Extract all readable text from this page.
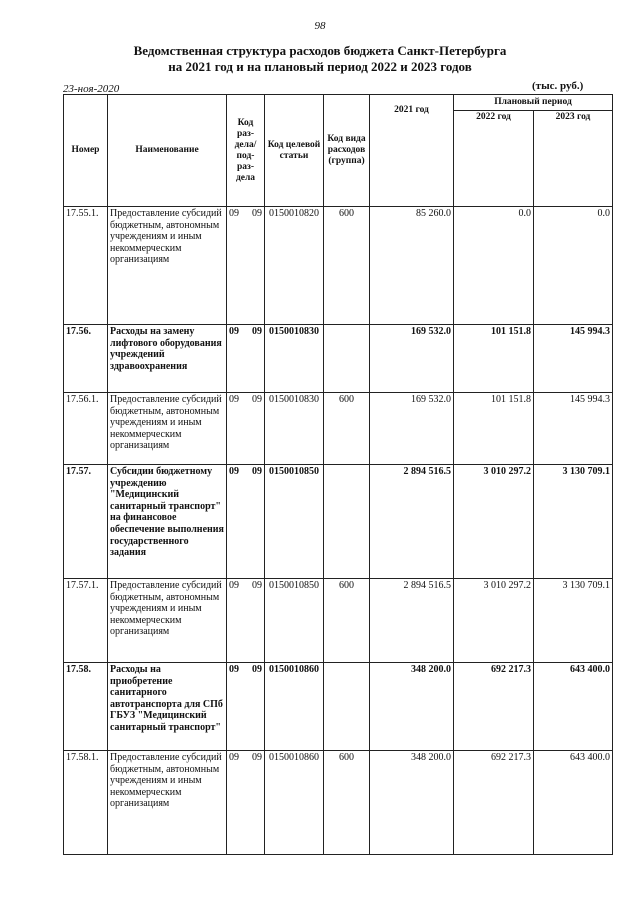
98
Ведомственная структура расходов бюджета Санкт-Петербурга
на 2021 год и на плановый период 2022 и 2023 годов
23-ноя-2020	(тыс. руб.)
Номер	Наименование	Код раз-дела/ под-раз-дела	Код целевой статьи	Код вида расходов (группа)	2021 год	Плановый период	
						2022 год	2023 год
17.55.1.	Предоставление субсидий бюджетным, автономным учреждениям и иным некоммерческим организациям	09 09	0150010820	600	85 260.0	0.0	0.0
17.56.	Расходы на замену лифтового оборудования учреждений здравоохранения	09 09	0150010830		169 532.0	101 151.8	145 994.3
17.56.1.	Предоставление субсидий бюджетным, автономным учреждениям и иным некоммерческим организациям	09 09	0150010830	600	169 532.0	101 151.8	145 994.3
17.57.	Субсидии бюджетному учреждению "Медицинский санитарный транспорт" на финансовое обеспечение выполнения государственного задания	09 09	0150010850		2 894 516.5	3 010 297.2	3 130 709.1
17.57.1.	Предоставление субсидий бюджетным, автономным учреждениям и иным некоммерческим организациям	09 09	0150010850	600	2 894 516.5	3 010 297.2	3 130 709.1
17.58.	Расходы на приобретение санитарного автотранспорта для СПб ГБУЗ "Медицинский санитарный транспорт"	09 09	0150010860		348 200.0	692 217.3	643 400.0
17.58.1.	Предоставление субсидий бюджетным, автономным учреждениям и иным некоммерческим организациям	09 09	0150010860	600	348 200.0	692 217.3	643 400.0
